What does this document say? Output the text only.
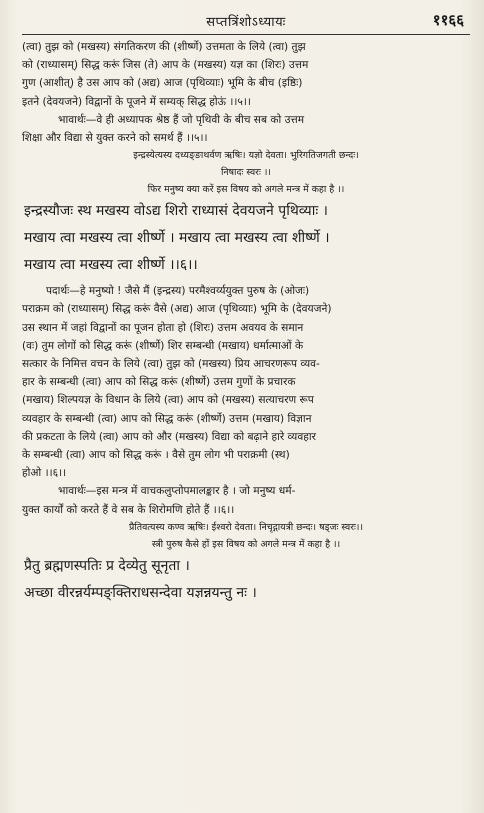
सप्तत्रिंशोऽध्यायः	११६६

(त्वा) तुझ को (मखस्य) संगतिकरण की (शीर्ष्णे) उत्तमता के लिये (त्वा) तुझ

को (राध्यासम्) सिद्ध करूं जिस (ते) आप के (मखस्य) यज्ञ का (शिरः) उत्तम

गुण (आशीत्) है उस आप को (अद्य) आज (पृथिव्याः) भूमि के बीच (इष्ठिः)

इतने (देवयजने) विद्वानों के पूजने में सम्यक् सिद्ध होऊं ।।५।।

भावार्थः—वे ही अध्यापक श्रेष्ठ हैं जो पृथिवी के बीच सब को उत्तम

शिक्षा और विद्या से युक्त करने को समर्थ हैं ।।५।।

इन्द्रस्येत्यस्य दध्यङ्ङाथर्वण ऋषिः। यज्ञो देवता। भुरिगतिजगती छन्दः।

निषादः स्वरः ।।

फिर मनुष्य क्या करें इस विषय को अगले मन्त्र में कहा है ।।

इन्द्रस्यौजः स्थ मखस्य वोऽद्य शिरो राध्यासं देवयजने पृथिव्याः ।

मखाय त्वा मखस्य त्वा शीर्ष्णे । मखाय त्वा मखस्य त्वा शीर्ष्णे ।

मखाय त्वा मखस्य त्वा शीर्ष्णे ।।६।।

पदार्थः—हे मनुष्यो ! जैसे मैं (इन्द्रस्य) परमैश्वर्य्ययुक्त पुरुष के (ओजः)

पराक्रम को (राध्यासम्) सिद्ध करूं वैसे (अद्य) आज (पृथिव्याः) भूमि के (देवयजने)

उस स्थान में जहां विद्वानों का पूजन होता हो (शिरः) उत्तम अवयव के समान

(वः) तुम लोगों को सिद्ध करूं (शीर्ष्णे) शिर सम्बन्धी (मखाय) धर्मात्माओं के

सत्कार के निमित्त वचन के लिये (त्वा) तुझ को (मखस्य) प्रिय आचरणरूप व्यव-

हार के सम्बन्धी (त्वा) आप को सिद्ध करूं (शीर्ष्णे) उत्तम गुणों के प्रचारक

(मखाय) शिल्पयज्ञ के विधान के लिये (त्वा) आप को (मखस्य) सत्याचरण रूप

व्यवहार के सम्बन्धी (त्वा) आप को सिद्ध करूं (शीर्ष्णे) उत्तम (मखाय) विज्ञान

की प्रकटता के लिये (त्वा) आप को और (मखस्य) विद्या को बढ़ाने हारे व्यवहार

के सम्बन्धी (त्वा) आप को सिद्ध करूं । वैसे तुम लोग भी पराक्रमी (स्थ)

होओ ।।६।।

भावार्थः—इस मन्त्र में वाचकलुप्तोपमालङ्कार है । जो मनुष्य धर्म-

युक्त कार्यों को करते हैं वे सब के शिरोमणि होते हैं ।।६।।

प्रैतिवत्यस्य कण्व ऋषिः। ईश्वरो देवता। निचृद्गायत्री छन्दः। षड्जः स्वरः।।

स्त्री पुरुष कैसे हों इस विषय को अगले मन्त्र में कहा है ।।

प्रैतु ब्रह्मणस्पतिः प्र देव्येतु सूनृता ।

अच्छा वीरन्नर्यम्पङ्क्तिराधसन्देवा यज्ञन्नयन्तु नः ।
